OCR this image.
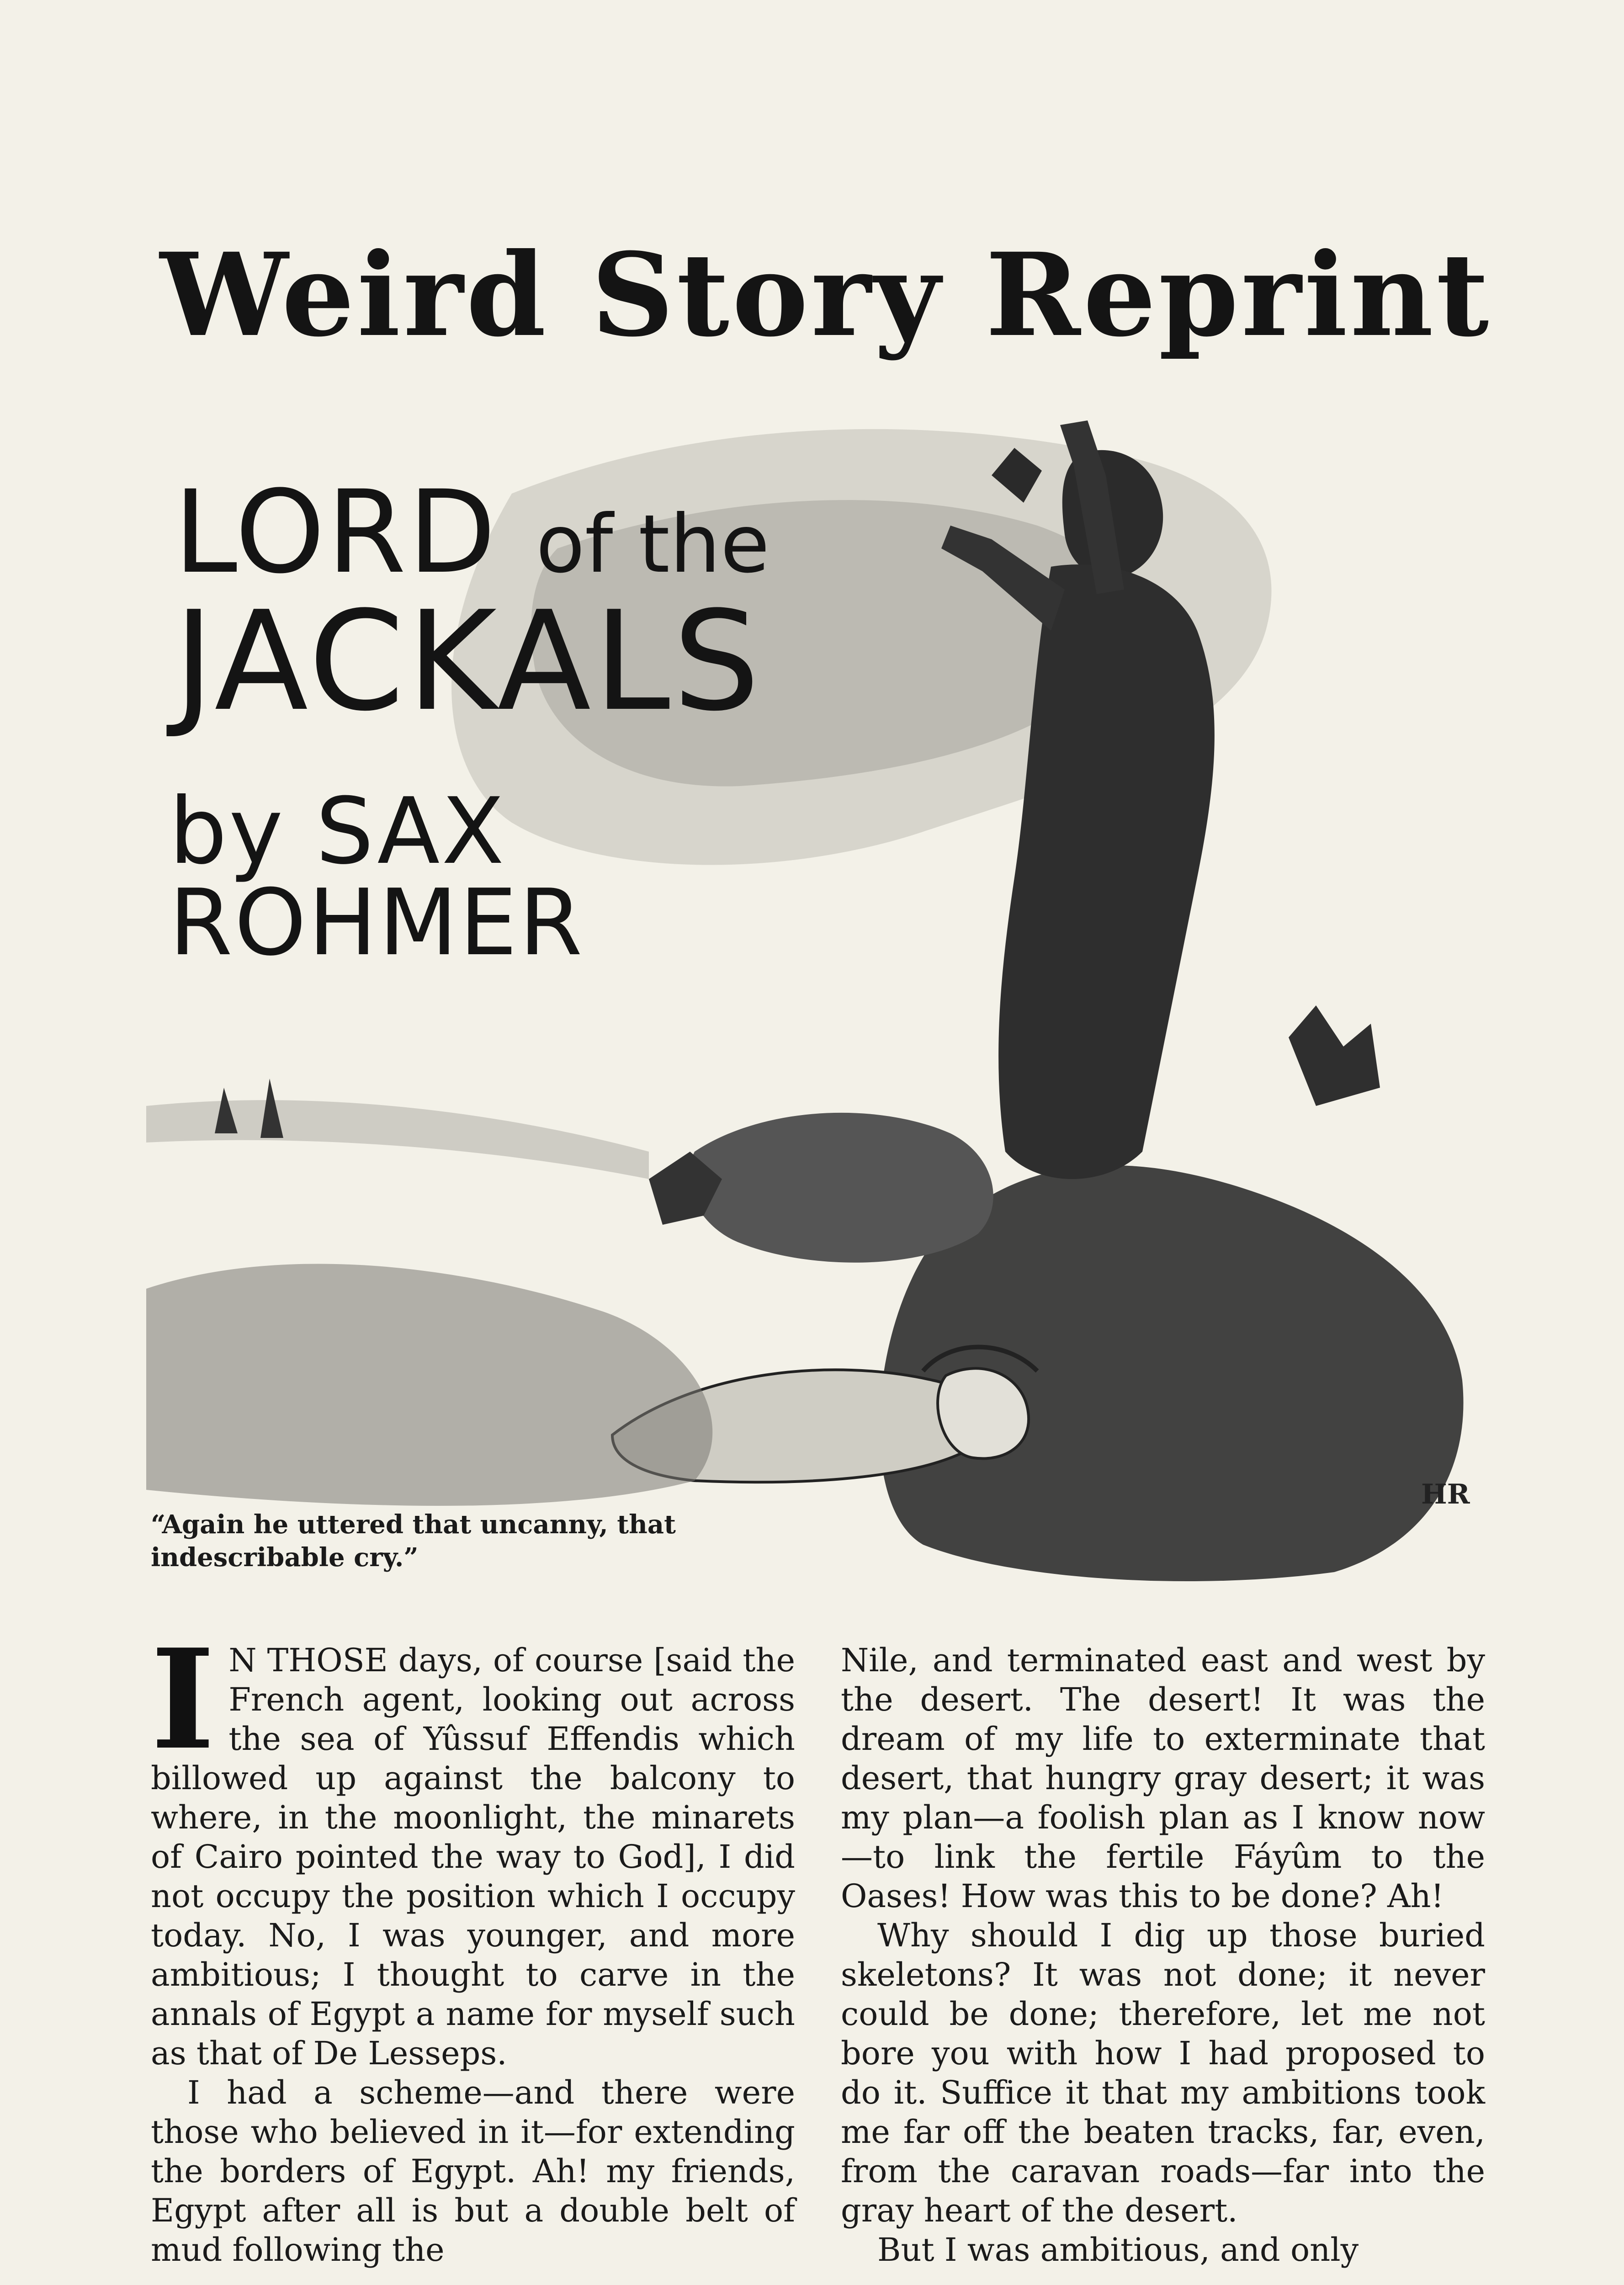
HR
Weird Story Reprint
LORD of the
JACKALS
by SAX ROHMER
“Again he uttered that uncanny, that indescribable cry.”

I N THOSE days, of course [said the French agent, looking out across the sea of Yûssuf Effendis which billowed up against the balcony to where, in the moonlight, the minarets of Cairo pointed the way to God], I did not occupy the position which I occupy today. No, I was younger, and more ambitious; I thought to carve in the annals of Egypt a name for myself such as that of De Lesseps.

I had a scheme—and there were those who believed in it—for extending the borders of Egypt. Ah! my friends, Egypt after all is but a double belt of mud following the

Nile, and terminated east and west by the desert. The desert! It was the dream of my life to exterminate that desert, that hungry gray desert; it was my plan—a foolish plan as I know now—to link the fertile Fáyûm to the Oases! How was this to be done? Ah!

Why should I dig up those buried skeletons? It was not done; it never could be done; therefore, let me not bore you with how I had proposed to do it. Suffice it that my ambitions took me far off the beaten tracks, far, even, from the caravan roads—far into the gray heart of the desert.

But I was ambitious, and only
